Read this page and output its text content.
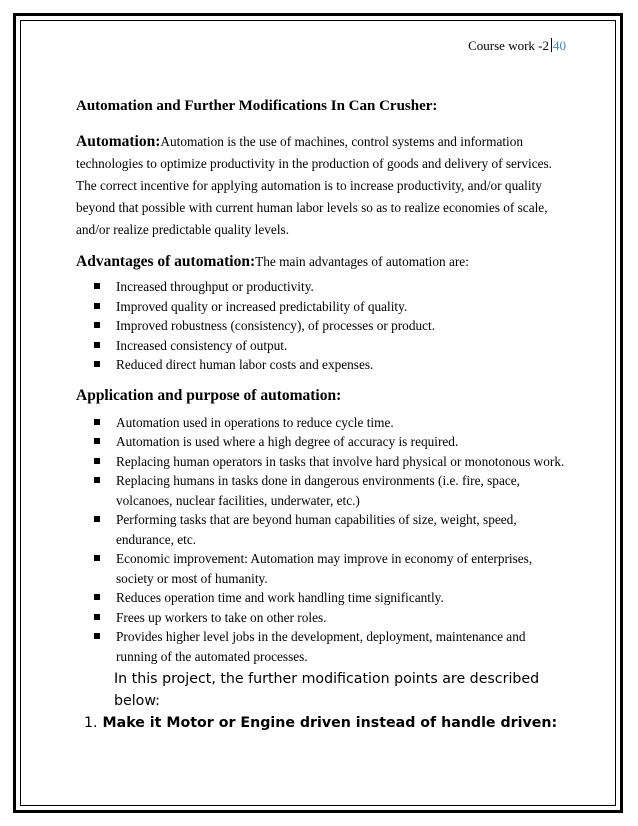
Course work -2 40
Automation and Further Modifications In Can Crusher:

Automation:Automation is the use of machines, control systems and information technologies to optimize productivity in the production of goods and delivery of services. The correct incentive for applying automation is to increase productivity, and/or quality beyond that possible with current human labor levels so as to realize economies of scale, and/or realize predictable quality levels.

Advantages of automation:The main advantages of automation are:

Increased throughput or productivity.
Improved quality or increased predictability of quality.
Improved robustness (consistency), of processes or product.
Increased consistency of output.
Reduced direct human labor costs and expenses.

Application and purpose of automation:

Automation used in operations to reduce cycle time.
Automation is used where a high degree of accuracy is required.
Replacing human operators in tasks that involve hard physical or monotonous work.
Replacing humans in tasks done in dangerous environments (i.e. fire, space, volcanoes, nuclear facilities, underwater, etc.)
Performing tasks that are beyond human capabilities of size, weight, speed, endurance, etc.
Economic improvement: Automation may improve in economy of enterprises, society or most of humanity.
Reduces operation time and work handling time significantly.
Frees up workers to take on other roles.
Provides higher level jobs in the development, deployment, maintenance and running of the automated processes.
In this project, the further modification points are described below:
1. Make it Motor or Engine driven instead of handle driven:
